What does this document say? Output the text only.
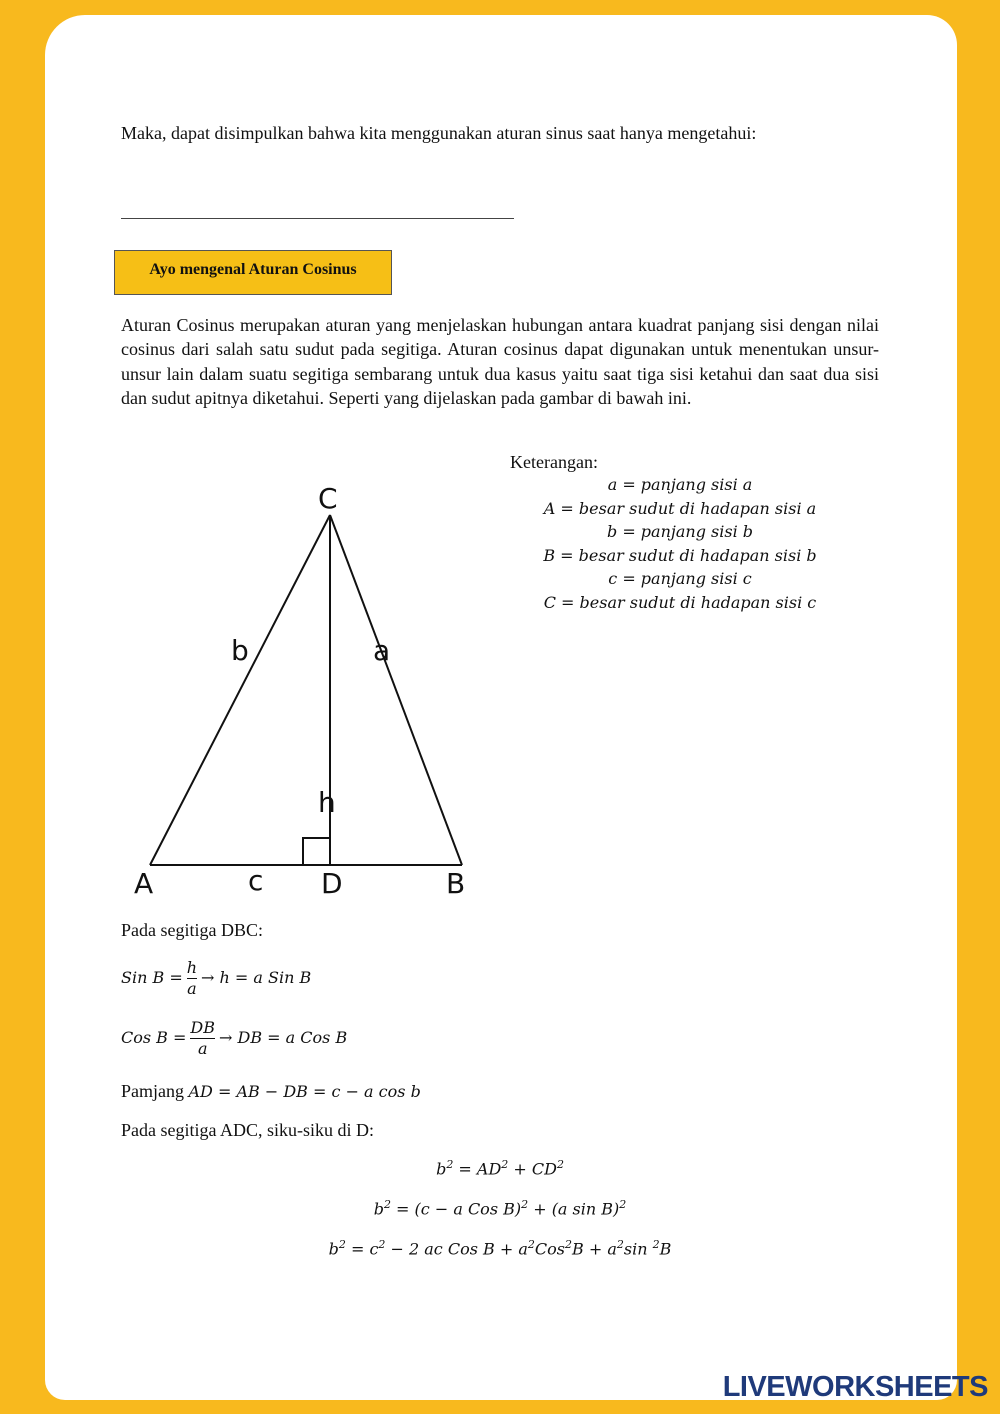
Maka, dapat disimpulkan bahwa kita menggunakan aturan sinus saat hanya mengetahui:
Ayo mengenal Aturan Cosinus
Aturan Cosinus merupakan aturan yang menjelaskan hubungan antara kuadrat panjang sisi dengan nilai cosinus dari salah satu sudut pada segitiga. Aturan cosinus dapat digunakan untuk menentukan unsur-unsur lain dalam suatu segitiga sembarang untuk dua kasus yaitu saat tiga sisi ketahui dan saat dua sisi dan sudut apitnya diketahui. Seperti yang dijelaskan pada gambar di bawah ini.
C
A	B
D
b	a
c
h
Keterangan:
a = panjang sisi a
A = besar sudut di hadapan sisi a
b = panjang sisi b
B = besar sudut di hadapan sisi b
c = panjang sisi c
C = besar sudut di hadapan sisi c
Pada segitiga DBC:
Sin $B = \frac{h}{a} \to h = a$ Sin B
Cos $B = \frac{DB}{a}$ → DB = a Cos B
Pamjang AD = AB − DB = c − a cos b
Pada segitiga ADC, siku-siku di D:
$b^2 = AD^2 + CD^2$
$b^2 = (c - a$ Cos B)$^2$ + (a sin B)$^2$
$b^2 = c^2 - 2$ ac Cos $B + a^2Cos^2B + a^2\sin$ $^2$B
LIVEWORKSHEETS
